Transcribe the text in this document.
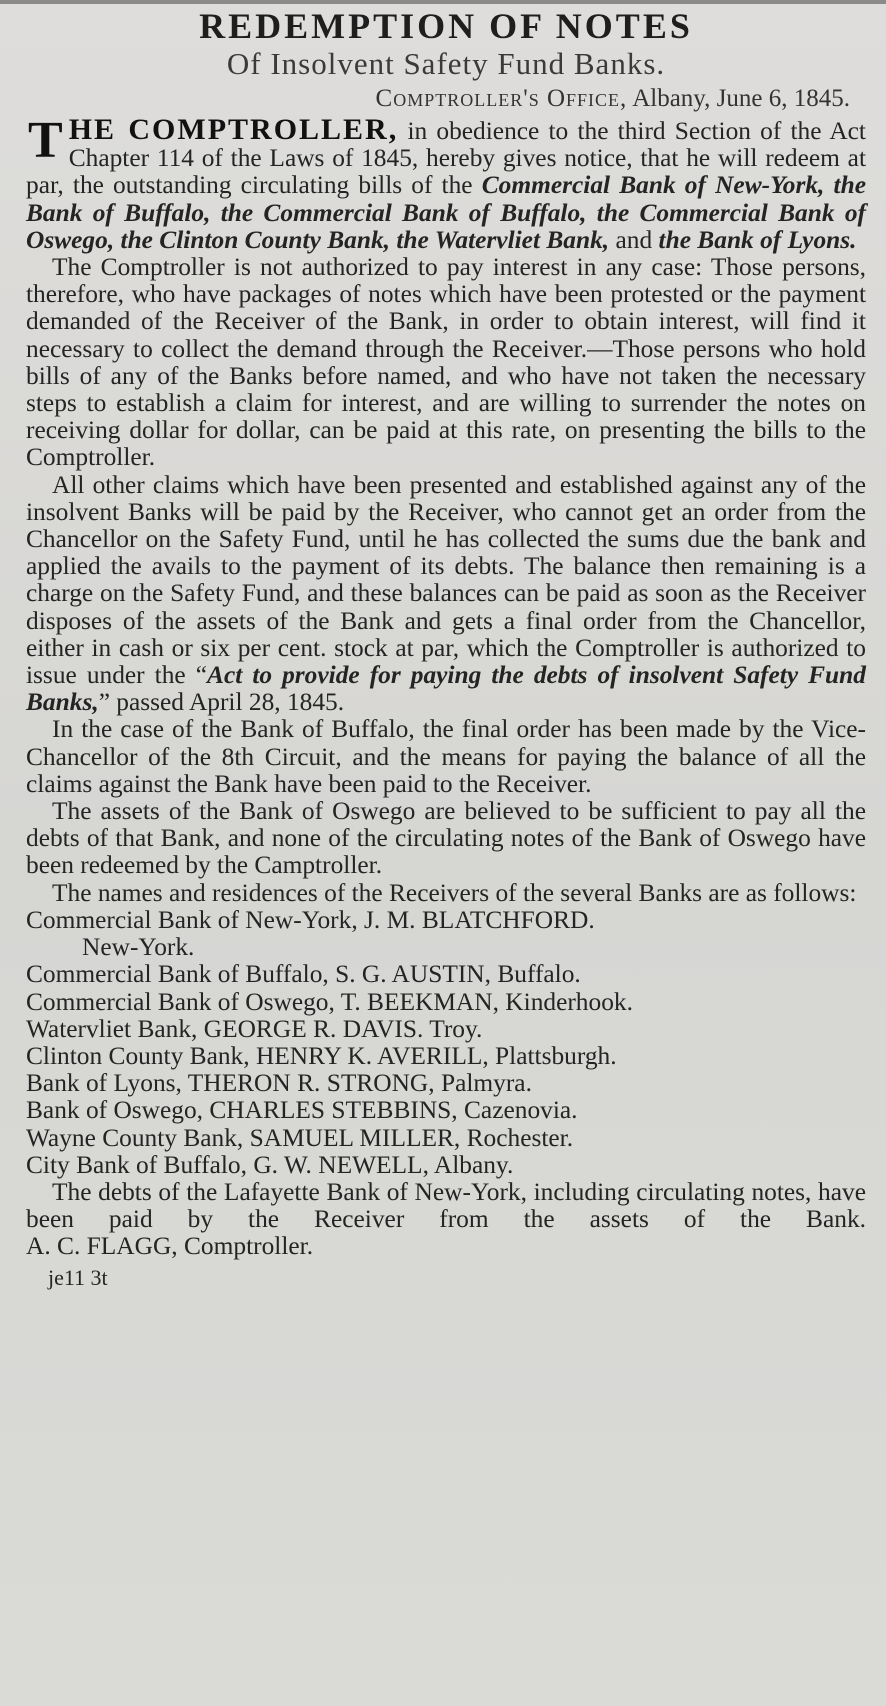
REDEMPTION OF NOTES
Of Insolvent Safety Fund Banks.
Comptroller's Office, Albany, June 6, 1845.

THE COMPTROLLER, in obedience to the third Section of the Act Chapter 114 of the Laws of 1845, hereby gives notice, that he will redeem at par, the outstanding circulating bills of the Commercial Bank of New-York, the Bank of Buffalo, the Commercial Bank of Buffalo, the Commercial Bank of Oswego, the Clinton County Bank, the Watervliet Bank, and the Bank of Lyons.

The Comptroller is not authorized to pay interest in any case: Those persons, therefore, who have packages of notes which have been protested or the payment demanded of the Receiver of the Bank, in order to obtain interest, will find it necessary to collect the demand through the Receiver.—Those persons who hold bills of any of the Banks before named, and who have not taken the necessary steps to establish a claim for interest, and are willing to surrender the notes on receiving dollar for dollar, can be paid at this rate, on presenting the bills to the Comptroller.

All other claims which have been presented and established against any of the insolvent Banks will be paid by the Receiver, who cannot get an order from the Chancellor on the Safety Fund, until he has collected the sums due the bank and applied the avails to the payment of its debts. The balance then remaining is a charge on the Safety Fund, and these balances can be paid as soon as the Receiver disposes of the assets of the Bank and gets a final order from the Chancellor, either in cash or six per cent. stock at par, which the Comptroller is authorized to issue under the “Act to provide for paying the debts of insolvent Safety Fund Banks,” passed April 28, 1845.

In the case of the Bank of Buffalo, the final order has been made by the Vice-Chancellor of the 8th Circuit, and the means for paying the balance of all the claims against the Bank have been paid to the Receiver.

The assets of the Bank of Oswego are believed to be sufficient to pay all the debts of that Bank, and none of the circulating notes of the Bank of Oswego have been redeemed by the Camptroller.

The names and residences of the Receivers of the several Banks are as follows:

Commercial Bank of New-York, J. M. BLATCHFORD.
New-York.
Commercial Bank of Buffalo, S. G. AUSTIN, Buffalo.
Commercial Bank of Oswego, T. BEEKMAN, Kinderhook.
Watervliet Bank, GEORGE R. DAVIS. Troy.
Clinton County Bank, HENRY K. AVERILL, Plattsburgh.
Bank of Lyons, THERON R. STRONG, Palmyra.
Bank of Oswego, CHARLES STEBBINS, Cazenovia.
Wayne County Bank, SAMUEL MILLER, Rochester.
City Bank of Buffalo, G. W. NEWELL, Albany.

The debts of the Lafayette Bank of New-York, including circulating notes, have been paid by the Receiver from the assets of the Bank. A. C. FLAGG, Comptroller.

je11 3t
